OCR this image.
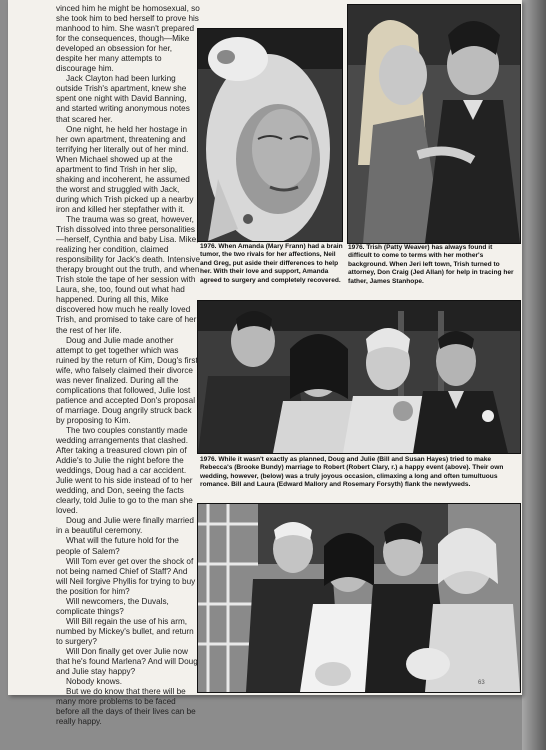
vinced him he might be homosexual, so she took him to bed herself to prove his manhood to him. She wasn't prepared for the consequences, though—Mike developed an obsession for her, despite her many attempts to discourage him.

Jack Clayton had been lurking outside Trish's apartment, knew she spent one night with David Banning, and started writing anonymous notes that scared her.

One night, he held her hostage in her own apartment, threatening and terrifying her literally out of her mind. When Michael showed up at the apartment to find Trish in her slip, shaking and incoherent, he assumed the worst and struggled with Jack, during which Trish picked up a nearby iron and killed her stepfather with it.

The trauma was so great, however, Trish dissolved into three personalities—herself, Cynthia and baby Lisa. Mike, realizing her condition, claimed responsibility for Jack's death. Intensive therapy brought out the truth, and when Trish stole the tape of her session with Laura, she, too, found out what had happened. During all this, Mike discovered how much he really loved Trish, and promised to take care of her the rest of her life.

Doug and Julie made another attempt to get together which was ruined by the return of Kim, Doug's first wife, who falsely claimed their divorce was never finalized. During all the complications that followed, Julie lost patience and accepted Don's proposal of marriage. Doug angrily struck back by proposing to Kim.

The two couples constantly made wedding arrangements that clashed. After taking a treasured clown pin of Addie's to Julie the night before the weddings, Doug had a car accident. Julie went to his side instead of to her wedding, and Don, seeing the facts clearly, told Julie to go to the man she loved.

Doug and Julie were finally married in a beautiful ceremony.

What will the future hold for the people of Salem?

Will Tom ever get over the shock of not being named Chief of Staff? And will Neil forgive Phyllis for trying to buy the position for him?

Will newcomers, the Duvals, complicate things?

Will Bill regain the use of his arm, numbed by Mickey's bullet, and return to surgery?

Will Don finally get over Julie now that he's found Marlena? And will Doug and Julie stay happy?

Nobody knows.

But we do know that there will be many more problems to be faced before all the days of their lives can be really happy.

1976. When Amanda (Mary Frann) had a brain tumor, the two rivals for her affections, Neil and Greg, put aside their differences to help her. With their love and support, Amanda agreed to surgery and completely recovered.
1976. Trish (Patty Weaver) has always found it difficult to come to terms with her mother's background. When Jeri left town, Trish turned to attorney, Don Craig (Jed Allan) for help in tracing her father, James Stanhope.
1976. While it wasn't exactly as planned, Doug and Julie (Bill and Susan Hayes) tried to make Rebecca's (Brooke Bundy) marriage to Robert (Robert Clary, r.) a happy event (above). Their own wedding, however, (below) was a truly joyous occasion, climaxing a long and often tumultuous romance. Bill and Laura (Edward Mallory and Rosemary Forsyth) flank the newlyweds.
63
